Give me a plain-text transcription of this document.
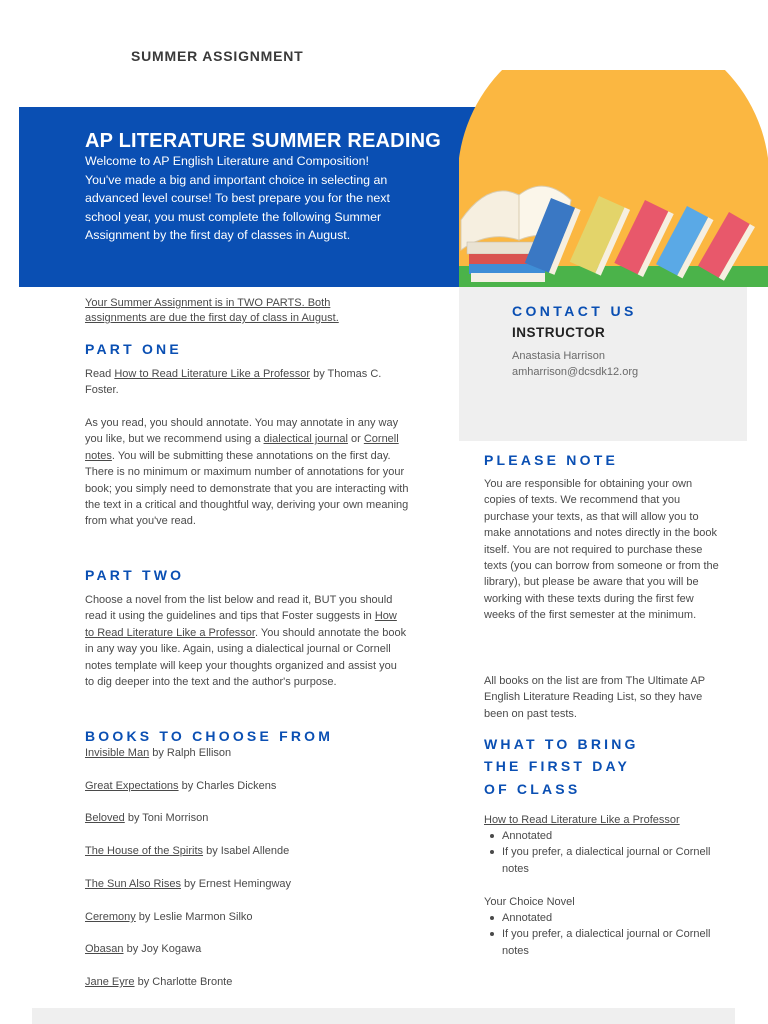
SUMMER ASSIGNMENT
AP LITERATURE SUMMER READING
Welcome to AP English Literature and Composition! You've made a big and important choice in selecting an advanced level course! To best prepare you for the next school year, you must complete the following Summer Assignment by the first day of classes in August.
Your Summer Assignment is in TWO PARTS. Both
assignments are due the first day of class in August.
PART ONE
Read How to Read Literature Like a Professor by Thomas C. Foster.
As you read, you should annotate. You may annotate in any way you like, but we recommend using a dialectical journal or Cornell notes. You will be submitting these annotations on the first day. There is no minimum or maximum number of annotations for your book; you simply need to demonstrate that you are interacting with the text in a critical and thoughtful way, deriving your own meaning from what you've read.
PART TWO
Choose a novel from the list below and read it, BUT you should read it using the guidelines and tips that Foster suggests in How to Read Literature Like a Professor. You should annotate the book in any way you like. Again, using a dialectical journal or Cornell notes template will keep your thoughts organized and assist you to dig deeper into the text and the author's purpose.
BOOKS TO CHOOSE FROM
Invisible Man by Ralph Ellison
Great Expectations by Charles Dickens
Beloved by Toni Morrison
The House of the Spirits by Isabel Allende
The Sun Also Rises by Ernest Hemingway
Ceremony by Leslie Marmon Silko
Obasan by Joy Kogawa
Jane Eyre by Charlotte Bronte
CONTACT US
INSTRUCTOR
Anastasia Harrison
amharrison@dcsdk12.org
PLEASE NOTE
You are responsible for obtaining your own copies of texts. We recommend that you purchase your texts, as that will allow you to make annotations and notes directly in the book itself. You are not required to purchase these texts (you can borrow from someone or from the library), but please be aware that you will be working with these texts during the first few weeks of the first semester at the minimum.
All books on the list are from The Ultimate AP English Literature Reading List, so they have been on past tests.
WHAT TO BRING
THE FIRST DAY
OF CLASS
How to Read Literature Like a Professor
Annotated
If you prefer, a dialectical journal or Cornell notes
Your Choice Novel
Annotated
If you prefer, a dialectical journal or Cornell notes
